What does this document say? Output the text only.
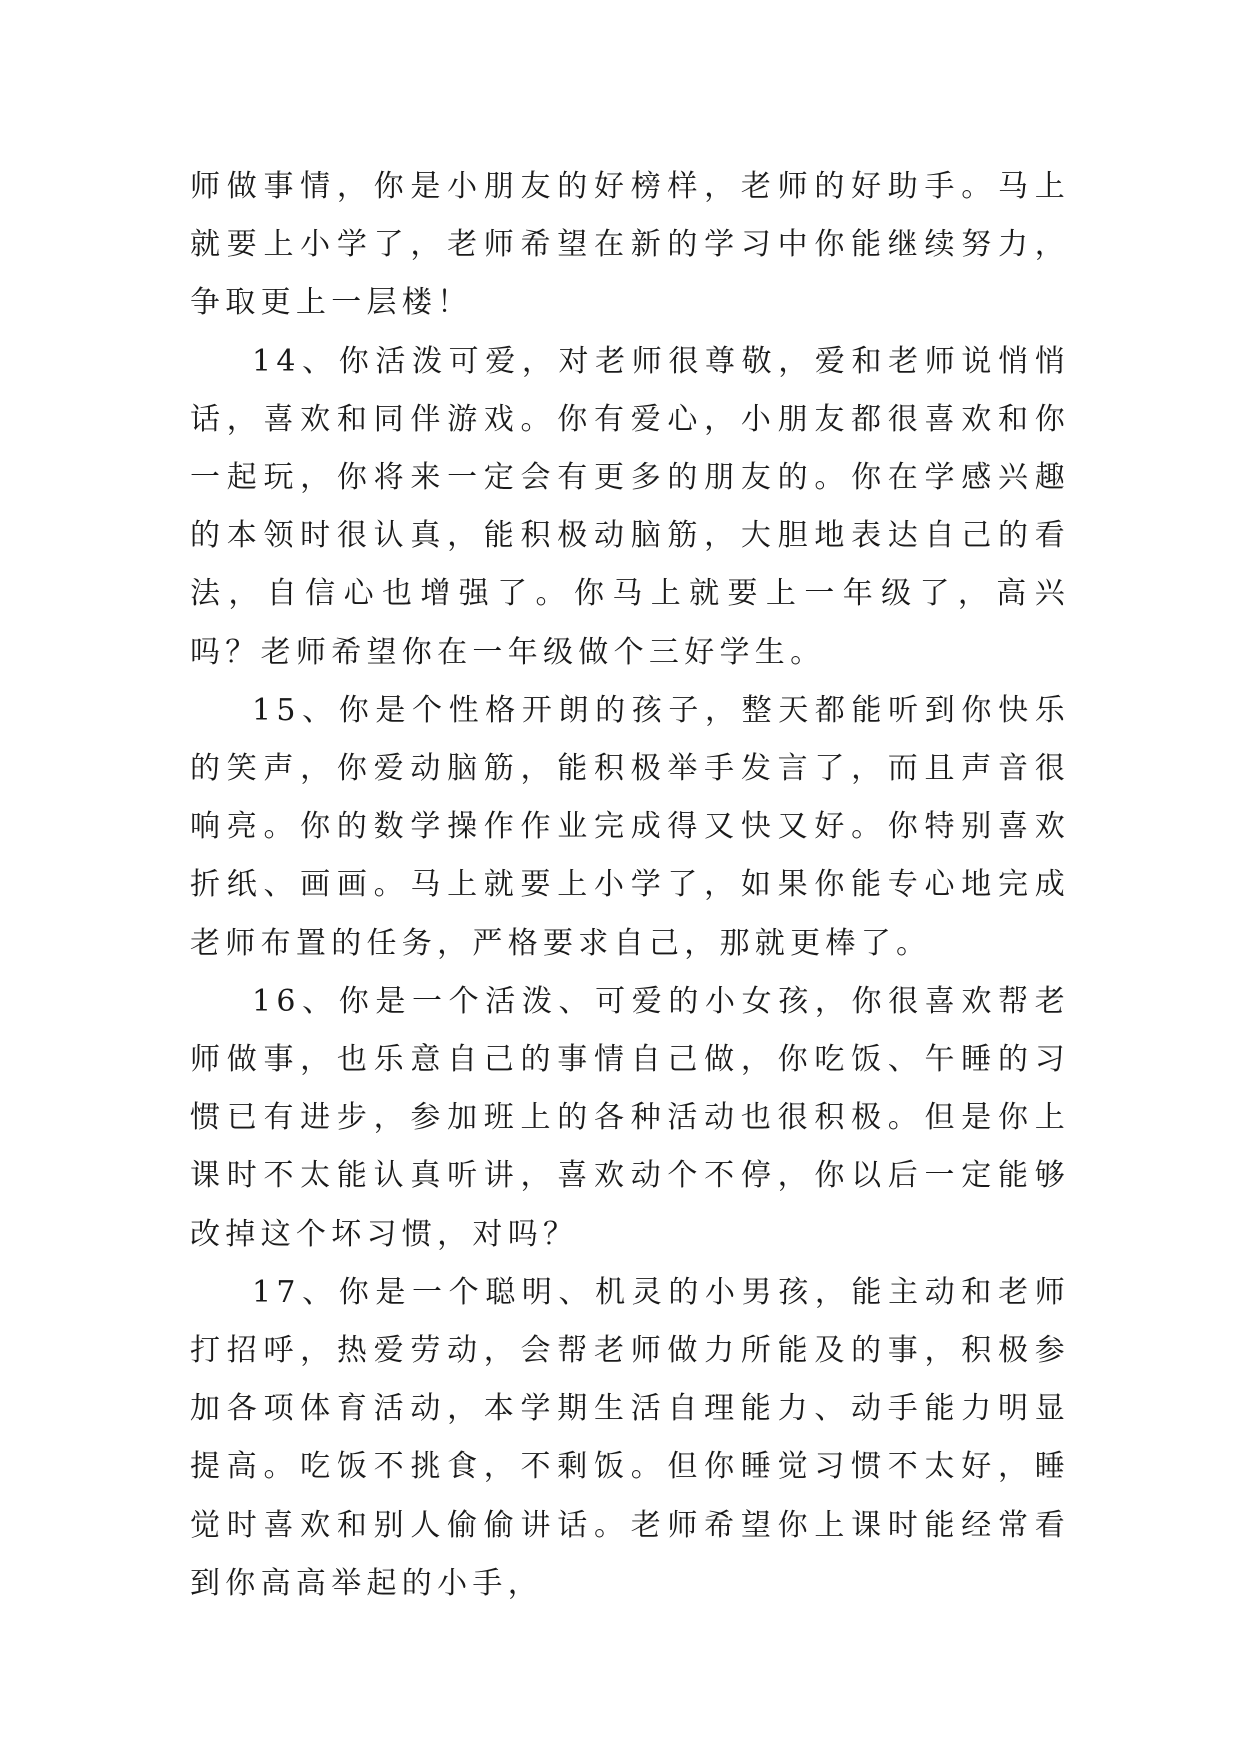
师做事情，你是小朋友的好榜样，老师的好助手。马上就要上小学了，老师希望在新的学习中你能继续努力，争取更上一层楼！

14、你活泼可爱，对老师很尊敬，爱和老师说悄悄话，喜欢和同伴游戏。你有爱心，小朋友都很喜欢和你一起玩，你将来一定会有更多的朋友的。你在学感兴趣的本领时很认真，能积极动脑筋，大胆地表达自己的看法，自信心也增强了。你马上就要上一年级了，高兴吗？老师希望你在一年级做个三好学生。

15、你是个性格开朗的孩子，整天都能听到你快乐的笑声，你爱动脑筋，能积极举手发言了，而且声音很响亮。你的数学操作作业完成得又快又好。你特别喜欢折纸、画画。马上就要上小学了，如果你能专心地完成老师布置的任务，严格要求自己，那就更棒了。

16、你是一个活泼、可爱的小女孩，你很喜欢帮老师做事，也乐意自己的事情自己做，你吃饭、午睡的习惯已有进步，参加班上的各种活动也很积极。但是你上课时不太能认真听讲，喜欢动个不停，你以后一定能够改掉这个坏习惯，对吗？

17、你是一个聪明、机灵的小男孩，能主动和老师打招呼，热爱劳动，会帮老师做力所能及的事，积极参加各项体育活动，本学期生活自理能力、动手能力明显提高。吃饭不挑食，不剩饭。但你睡觉习惯不太好，睡觉时喜欢和别人偷偷讲话。老师希望你上课时能经常看到你高高举起的小手，
